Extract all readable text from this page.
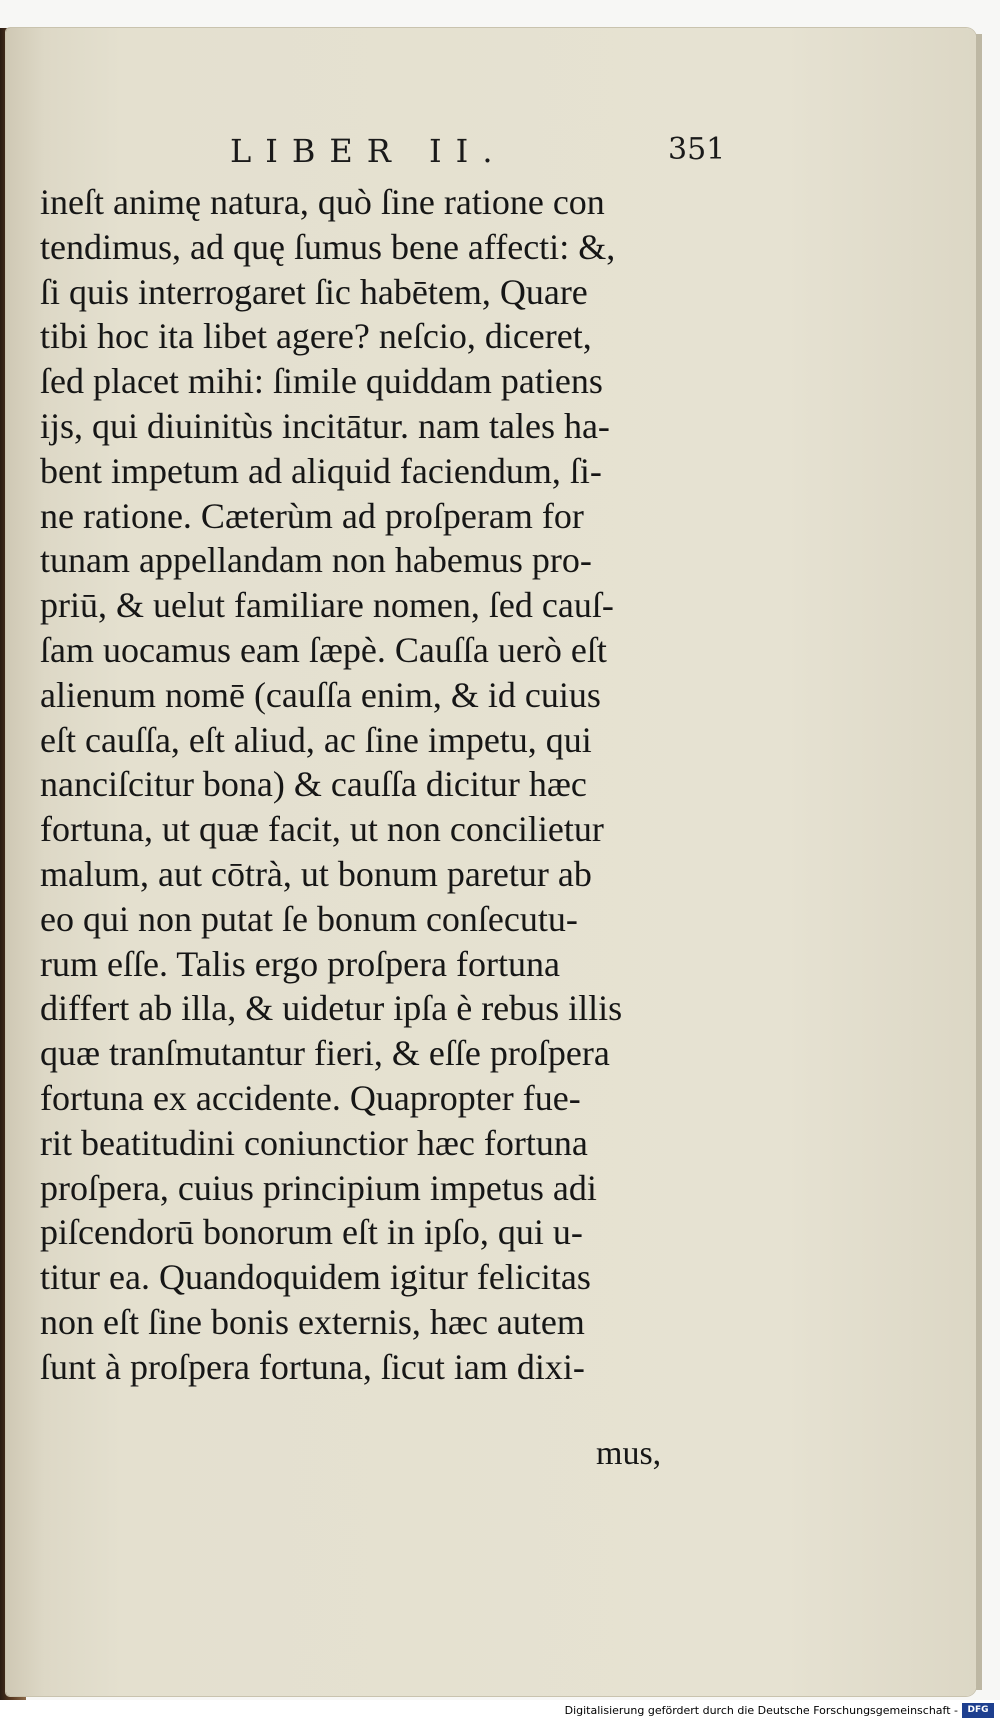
LIBER II.	351
ineſt animę natura, quò ſine ratione con
tendimus, ad quę ſumus bene affecti: &,
ſi quis interrogaret ſic habētem, Quare
tibi hoc ita libet agere? neſcio, diceret,
ſed placet mihi: ſimile quiddam patiens
ijs, qui diuinitùs incitātur. nam tales ha-
bent impetum ad aliquid faciendum, ſi-
ne ratione. Cæterùm ad proſperam for
tunam appellandam non habemus pro-
priū, & uelut familiare nomen, ſed cauſ-
ſam uocamus eam ſæpè. Cauſſa uerò eſt
alienum nomē (cauſſa enim, & id cuius
eſt cauſſa, eſt aliud, ac ſine impetu, qui
nanciſcitur bona) & cauſſa dicitur hæc
fortuna, ut quæ facit, ut non concilietur
malum, aut cōtrà, ut bonum paretur ab
eo qui non putat ſe bonum conſecutu-
rum eſſe. Talis ergo proſpera fortuna
differt ab illa, & uidetur ipſa è rebus illis
quæ tranſmutantur fieri, & eſſe proſpera
fortuna ex accidente. Quapropter fue-
rit beatitudini coniunctior hæc fortuna
proſpera, cuius principium impetus adi
piſcendorū bonorum eſt in ipſo, qui u-
titur ea. Quandoquidem igitur felicitas
non eſt ſine bonis externis, hæc autem
ſunt à proſpera fortuna, ſicut iam dixi-
mus,
Digitalisierung gefördert durch die Deutsche Forschungsgemeinschaft -	DFG
